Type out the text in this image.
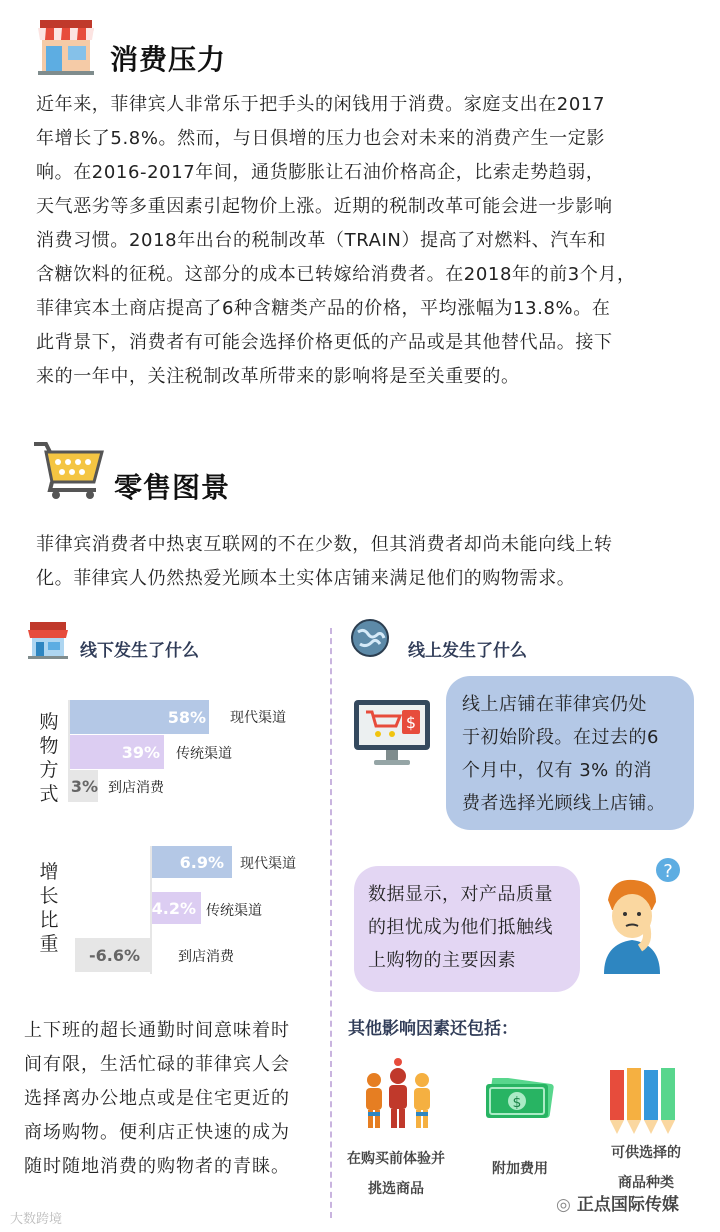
消费压力
近年来，菲律宾人非常乐于把手头的闲钱用于消费。家庭支出在2017
年增长了5.8%。然而，与日俱增的压力也会对未来的消费产生一定影
响。在2016-2017年间，通货膨胀让石油价格高企，比索走势趋弱，
天气恶劣等多重因素引起物价上涨。近期的税制改革可能会进一步影响
消费习惯。2018年出台的税制改革（TRAIN）提高了对燃料、汽车和
含糖饮料的征税。这部分的成本已转嫁给消费者。在2018年的前3个月，
菲律宾本土商店提高了6种含糖类产品的价格，平均涨幅为13.8%。在
此背景下，消费者有可能会选择价格更低的产品或是其他替代品。接下
来的一年中，关注税制改革所带来的影响将是至关重要的。
零售图景
菲律宾消费者中热衷互联网的不在少数，但其消费者却尚未能向线上转
化。菲律宾人仍然热爱光顾本土实体店铺来满足他们的购物需求。
线下发生了什么
购物方式
增长比重
58%
39%
3%
现代渠道
传统渠道
到店消费
6.9%
4.2%
-6.6%
现代渠道
传统渠道
到店消费
上下班的超长通勤时间意味着时
间有限，生活忙碌的菲律宾人会
选择离办公地点或是住宅更近的
商场购物。便利店正快速的成为
随时随地消费的购物者的青睐。
线上发生了什么
$
线上店铺在菲律宾仍处
于初始阶段。在过去的6
个月中，仅有 3% 的消
费者选择光顾线上店铺。
数据显示，对产品质量
的担忧成为他们抵触线
上购物的主要因素
?
其他影响因素还包括：
在购买前体验并
挑选商品
$
附加费用
可供选择的
商品种类
大数跨境
◎ 正点国际传媒
